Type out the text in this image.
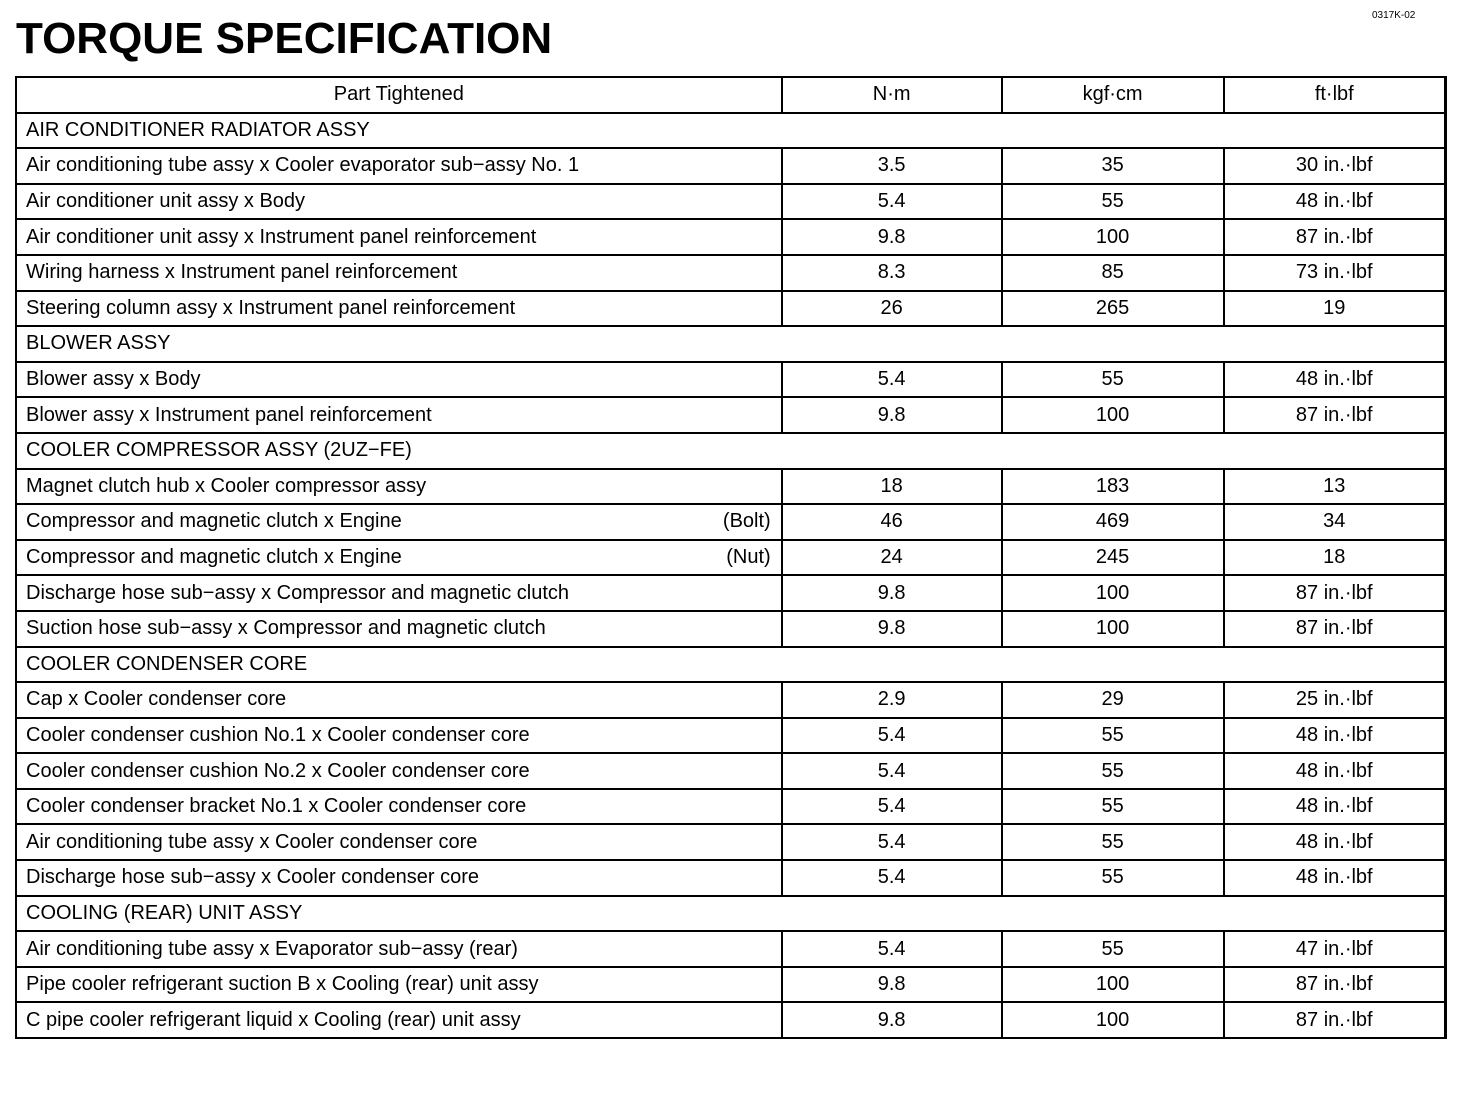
0317K-02
TORQUE SPECIFICATION
Part Tightened	N·m	kgf·cm	ft·lbf
AIR CONDITIONER RADIATOR ASSY			
Air conditioning tube assy x Cooler evaporator sub−assy No. 1	3.5	35	30 in.·lbf
Air conditioner unit assy x Body	5.4	55	48 in.·lbf
Air conditioner unit assy x Instrument panel reinforcement	9.8	100	87 in.·lbf
Wiring harness x Instrument panel reinforcement	8.3	85	73 in.·lbf
Steering column assy x Instrument panel reinforcement	26	265	19
BLOWER ASSY			
Blower assy x Body	5.4	55	48 in.·lbf
Blower assy x Instrument panel reinforcement	9.8	100	87 in.·lbf
COOLER COMPRESSOR ASSY (2UZ−FE)			
Magnet clutch hub x Cooler compressor assy	18	183	13
Compressor and magnetic clutch x Engine (Bolt)	46	469	34
Compressor and magnetic clutch x Engine (Nut)	24	245	18
Discharge hose sub−assy x Compressor and magnetic clutch	9.8	100	87 in.·lbf
Suction hose sub−assy x Compressor and magnetic clutch	9.8	100	87 in.·lbf
COOLER CONDENSER CORE			
Cap x Cooler condenser core	2.9	29	25 in.·lbf
Cooler condenser cushion No.1 x Cooler condenser core	5.4	55	48 in.·lbf
Cooler condenser cushion No.2 x Cooler condenser core	5.4	55	48 in.·lbf
Cooler condenser bracket No.1 x Cooler condenser core	5.4	55	48 in.·lbf
Air conditioning tube assy x Cooler condenser core	5.4	55	48 in.·lbf
Discharge hose sub−assy x Cooler condenser core	5.4	55	48 in.·lbf
COOLING (REAR) UNIT ASSY			
Air conditioning tube assy x Evaporator sub−assy (rear)	5.4	55	47 in.·lbf
Pipe cooler refrigerant suction B x Cooling (rear) unit assy	9.8	100	87 in.·lbf
C pipe cooler refrigerant liquid x Cooling (rear) unit assy	9.8	100	87 in.·lbf
